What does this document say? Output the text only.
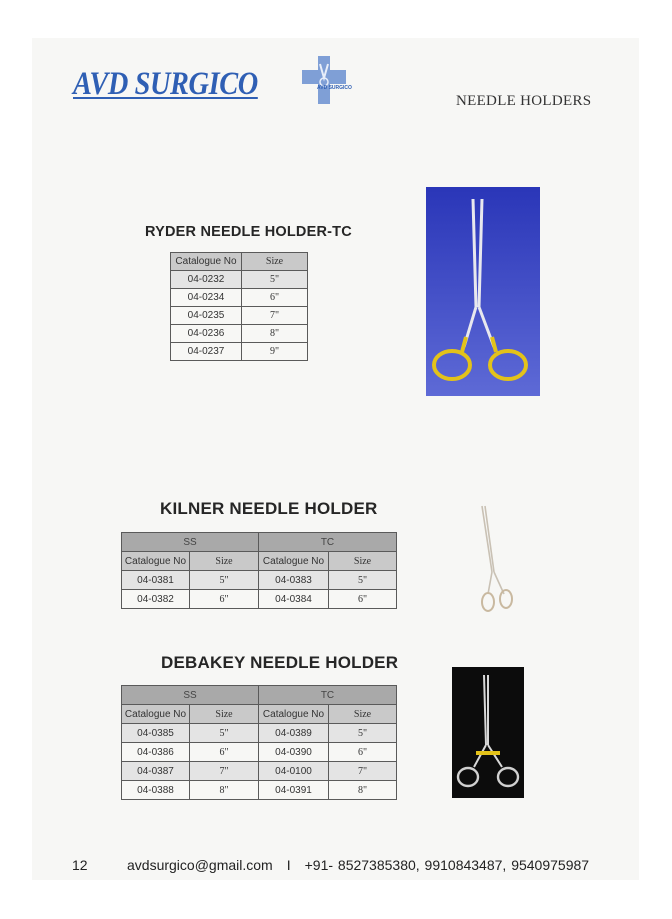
AVD SURGICO	AVD SURGICO
NEEDLE HOLDERS
RYDER NEEDLE HOLDER-TC
Catalogue No	Size
04-0232	5"
04-0234	6"
04-0235	7"
04-0236	8"
04-0237	9"
KILNER NEEDLE HOLDER
SS		TC	
Catalogue No	Size	Catalogue No	Size
04-0381	5"	04-0383	5"
04-0382	6"	04-0384	6"
DEBAKEY NEEDLE HOLDER
SS		TC	
Catalogue No	Size	Catalogue No	Size
04-0385	5"	04-0389	5"
04-0386	6"	04-0390	6"
04-0387	7"	04-0100	7"
04-0388	8"	04-0391	8"
12	avdsurgico@gmail.com I +91- 8527385380, 9910843487, 9540975987
